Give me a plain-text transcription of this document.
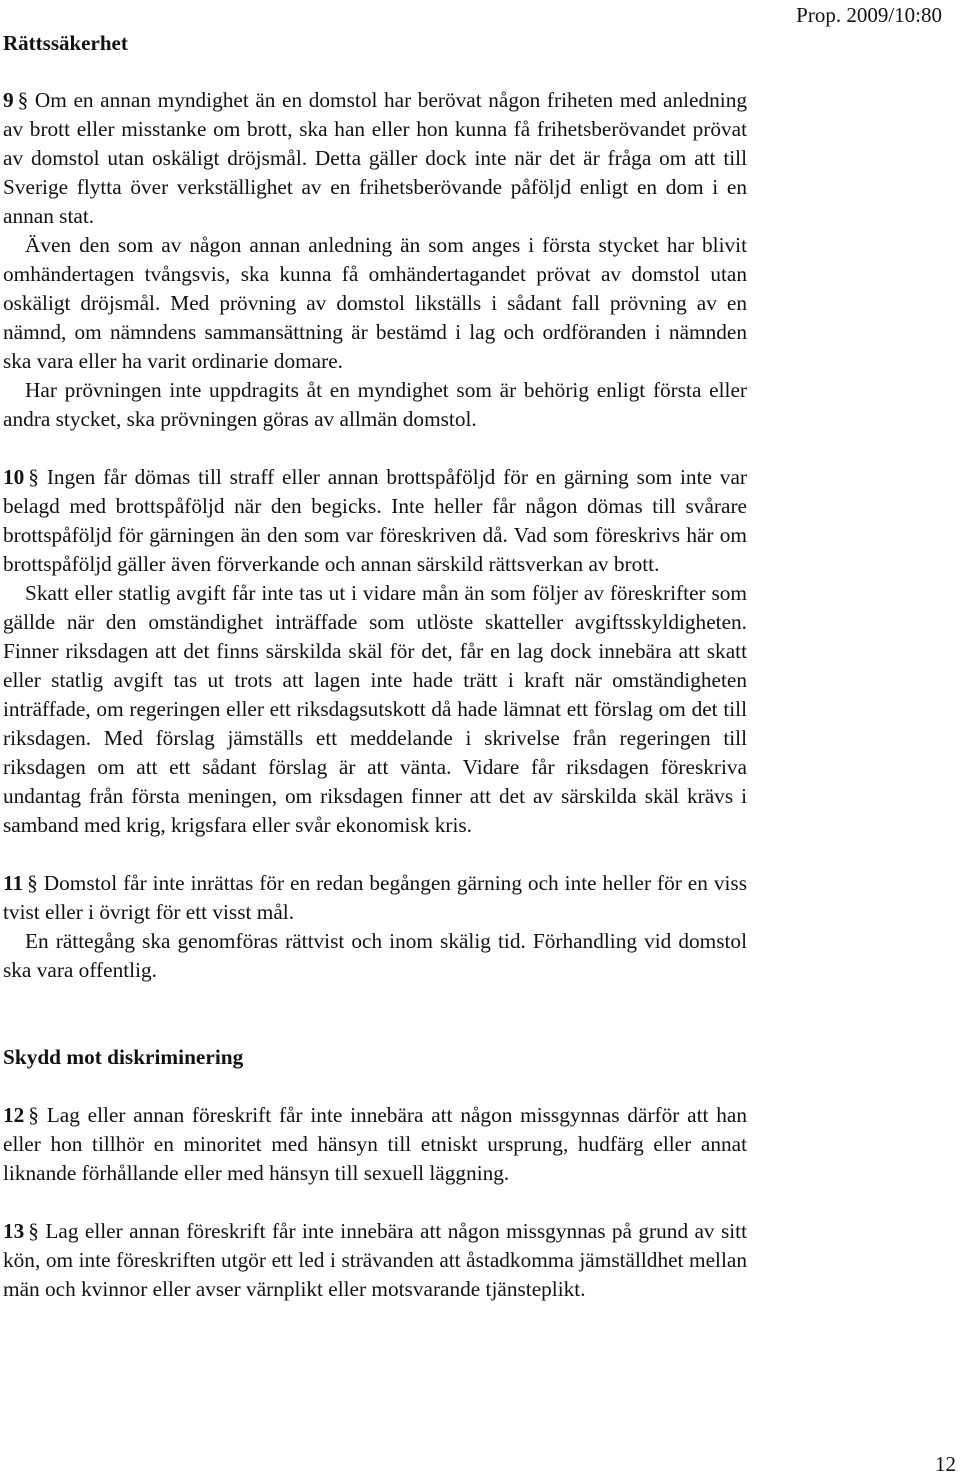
Rättssäkerhet
Prop. 2009/10:80

9 § Om en annan myndighet än en domstol har berövat någon friheten med anledning av brott eller misstanke om brott, ska han eller hon kunna få frihetsberövandet prövat av domstol utan oskäligt dröjsmål. Detta gäller dock inte när det är fråga om att till Sverige flytta över verkställighet av en frihetsberövande påföljd enligt en dom i en annan stat.

Även den som av någon annan anledning än som anges i första stycket har blivit omhändertagen tvångsvis, ska kunna få omhändertagandet prövat av domstol utan oskäligt dröjsmål. Med prövning av domstol likställs i sådant fall prövning av en nämnd, om nämndens sammansättning är bestämd i lag och ordföranden i nämnden ska vara eller ha varit ordinarie domare.

Har prövningen inte uppdragits åt en myndighet som är behörig enligt första eller andra stycket, ska prövningen göras av allmän domstol.

10 § Ingen får dömas till straff eller annan brottspåföljd för en gärning som inte var belagd med brottspåföljd när den begicks. Inte heller får någon dömas till svårare brottspåföljd för gärningen än den som var föreskriven då. Vad som föreskrivs här om brottspåföljd gäller även förverkande och annan särskild rättsverkan av brott.

Skatt eller statlig avgift får inte tas ut i vidare mån än som följer av föreskrifter som gällde när den omständighet inträffade som utlöste skatteller avgiftsskyldigheten. Finner riksdagen att det finns särskilda skäl för det, får en lag dock innebära att skatt eller statlig avgift tas ut trots att lagen inte hade trätt i kraft när omständigheten inträffade, om regeringen eller ett riksdagsutskott då hade lämnat ett förslag om det till riksdagen. Med förslag jämställs ett meddelande i skrivelse från regeringen till riksdagen om att ett sådant förslag är att vänta. Vidare får riksdagen föreskriva undantag från första meningen, om riksdagen finner att det av särskilda skäl krävs i samband med krig, krigsfara eller svår ekonomisk kris.

11 § Domstol får inte inrättas för en redan begången gärning och inte heller för en viss tvist eller i övrigt för ett visst mål.

En rättegång ska genomföras rättvist och inom skälig tid. Förhandling vid domstol ska vara offentlig.

Skydd mot diskriminering

12 § Lag eller annan föreskrift får inte innebära att någon missgynnas därför att han eller hon tillhör en minoritet med hänsyn till etniskt ursprung, hudfärg eller annat liknande förhållande eller med hänsyn till sexuell läggning.

13 § Lag eller annan föreskrift får inte innebära att någon missgynnas på grund av sitt kön, om inte föreskriften utgör ett led i strävanden att åstadkomma jämställdhet mellan män och kvinnor eller avser värnplikt eller motsvarande tjänsteplikt.

12
